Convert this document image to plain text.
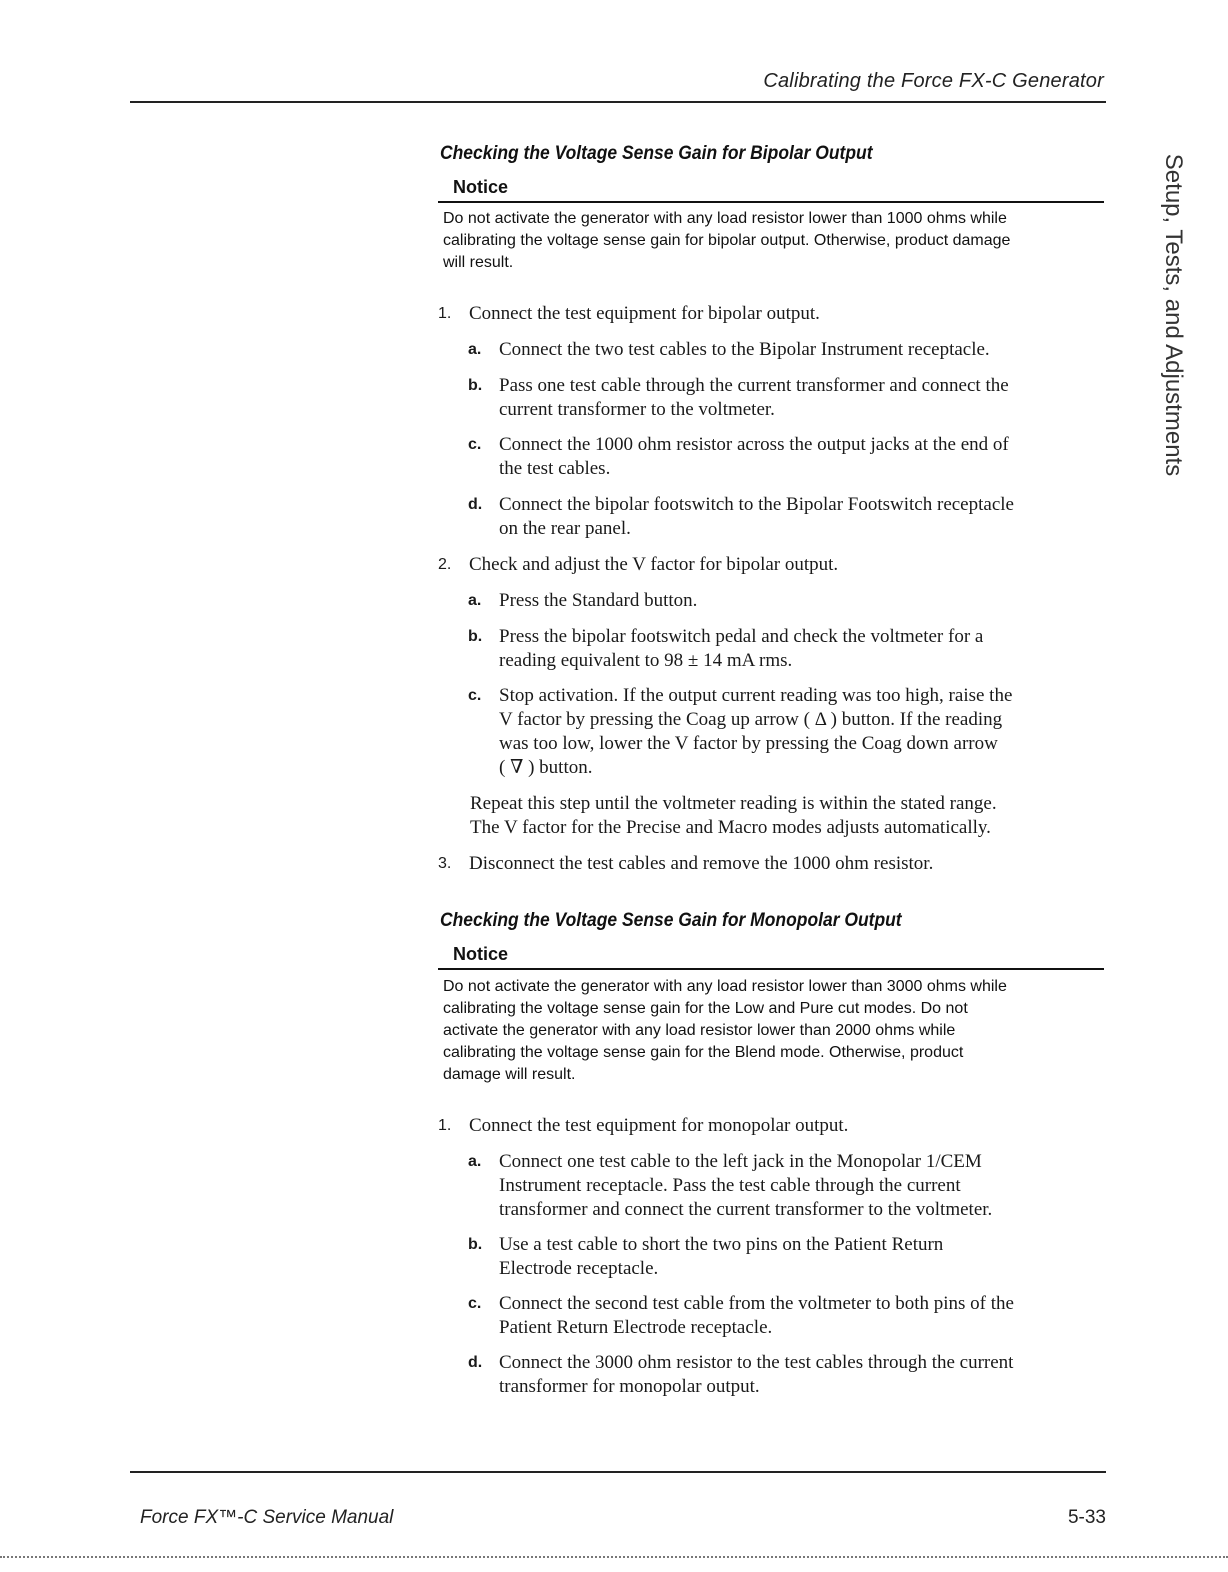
Calibrating the Force FX-C Generator
Setup, Tests, and Adjustments
Checking the Voltage Sense Gain for Bipolar Output
Notice
Do not activate the generator with any load resistor lower than 1000 ohms while
calibrating the voltage sense gain for bipolar output. Otherwise, product damage
will result.
1. Connect the test equipment for bipolar output.
a. Connect the two test cables to the Bipolar Instrument receptacle.
b. Pass one test cable through the current transformer and connect the
current transformer to the voltmeter.
c. Connect the 1000 ohm resistor across the output jacks at the end of
the test cables.
d. Connect the bipolar footswitch to the Bipolar Footswitch receptacle
on the rear panel.
2. Check and adjust the V factor for bipolar output.
a. Press the Standard button.
b. Press the bipolar footswitch pedal and check the voltmeter for a
reading equivalent to 98 ± 14 mA rms.
c. Stop activation. If the output current reading was too high, raise the
V factor by pressing the Coag up arrow ( Δ ) button. If the reading
was too low, lower the V factor by pressing the Coag down arrow
( ∇ ) button.
Repeat this step until the voltmeter reading is within the stated range.
The V factor for the Precise and Macro modes adjusts automatically.
3. Disconnect the test cables and remove the 1000 ohm resistor.
Checking the Voltage Sense Gain for Monopolar Output
Notice
Do not activate the generator with any load resistor lower than 3000 ohms while
calibrating the voltage sense gain for the Low and Pure cut modes. Do not
activate the generator with any load resistor lower than 2000 ohms while
calibrating the voltage sense gain for the Blend mode. Otherwise, product
damage will result.
1. Connect the test equipment for monopolar output.
a. Connect one test cable to the left jack in the Monopolar 1/CEM
Instrument receptacle. Pass the test cable through the current
transformer and connect the current transformer to the voltmeter.
b. Use a test cable to short the two pins on the Patient Return
Electrode receptacle.
c. Connect the second test cable from the voltmeter to both pins of the
Patient Return Electrode receptacle.
d. Connect the 3000 ohm resistor to the test cables through the current
transformer for monopolar output.
Force FX™-C Service Manual	5-33
